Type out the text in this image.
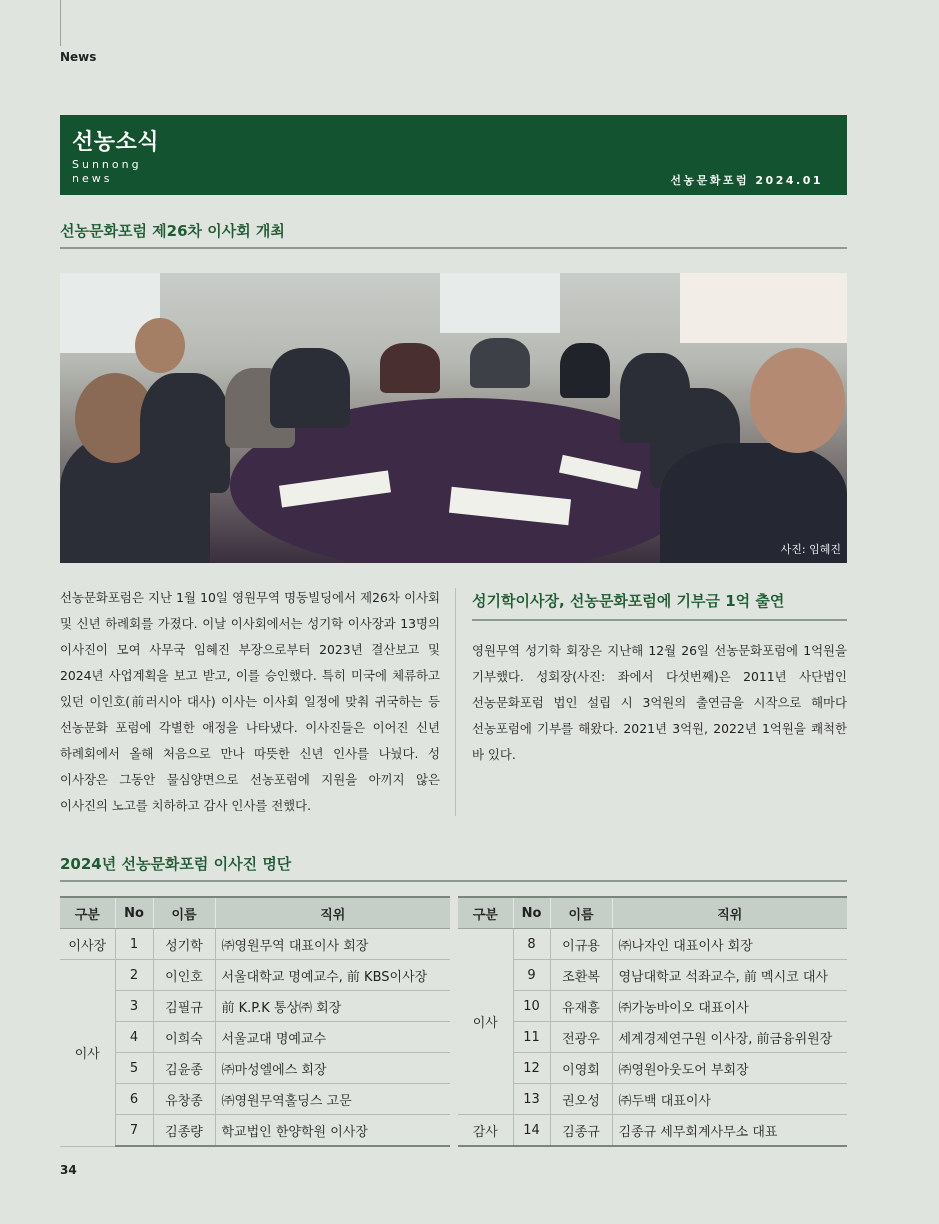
News
선농소식
Sunnong
news	선농문화포럼 2024.01
선농문화포럼 제26차 이사회 개최
사진: 임혜진
선농문화포럼은 지난 1월 10일 영원무역 명동빌딩에서 제26차 이사회 및 신년 하례회를 가졌다. 이날 이사회에서는 성기학 이사장과 13명의 이사진이 모여 사무국 임혜진 부장으로부터 2023년 결산보고 및 2024년 사업계획을 보고 받고, 이를 승인했다. 특히 미국에 체류하고 있던 이인호(前러시아 대사) 이사는 이사회 일정에 맞춰 귀국하는 등 선농문화 포럼에 각별한 애정을 나타냈다. 이사진들은 이어진 신년 하례회에서 올해 처음으로 만나 따뜻한 신년 인사를 나눴다. 성 이사장은 그동안 물심양면으로 선농포럼에 지원을 아끼지 않은 이사진의 노고를 치하하고 감사 인사를 전했다.
성기학이사장, 선농문화포럼에 기부금 1억 출연
영원무역 성기학 회장은 지난해 12월 26일 선농문화포럼에 1억원을 기부했다. 성회장(사진: 좌에서 다섯번째)은 2011년 사단법인 선농문화포럼 법인 설립 시 3억원의 출연금을 시작으로 해마다 선농포럼에 기부를 해왔다. 2021년 3억원, 2022년 1억원을 쾌척한 바 있다.
2024년 선농문화포럼 이사진 명단
구분	No	이름	직위
이사장	1	성기학	㈜영원무역 대표이사 회장
이사	2	이인호	서울대학교 명예교수, 前 KBS이사장
	3	김필규	前 K.P.K 통상㈜ 회장
	4	이희숙	서울교대 명예교수
	5	김윤종	㈜마성엘에스 회장
	6	유창종	㈜영원무역홀딩스 고문
	7	김종량	학교법인 한양학원 이사장
구분	No	이름	직위
이사	8	이규용	㈜나자인 대표이사 회장
	9	조환복	영남대학교 석좌교수, 前 멕시코 대사
	10	유재흥	㈜가농바이오 대표이사
	11	전광우	세계경제연구원 이사장, 前금융위원장
	12	이영회	㈜영원아웃도어 부회장
	13	권오성	㈜두백 대표이사
감사	14	김종규	김종규 세무회계사무소 대표
34
